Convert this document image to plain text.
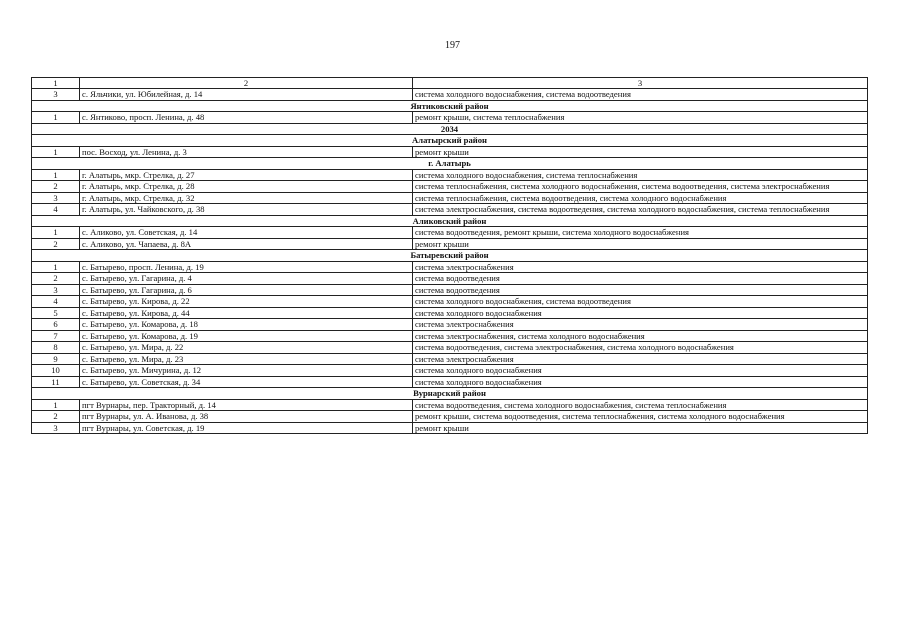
197
1	2	3
3	с. Яльчики, ул. Юбилейная, д. 14	система холодного водоснабжения, система водоотведения
Янтиковский район		
1	с. Янтиково, просп. Ленина, д. 48	ремонт крыши, система теплоснабжения
2034		
Алатырский район		
1	пос. Восход, ул. Ленина, д. 3	ремонт крыши
г. Алатырь		
1	г. Алатырь, мкр. Стрелка, д. 27	система холодного водоснабжения, система теплоснабжения
2	г. Алатырь, мкр. Стрелка, д. 28	система теплоснабжения, система холодного водоснабжения, система водоотведения, система электроснабжения
3	г. Алатырь, мкр. Стрелка, д. 32	система теплоснабжения, система водоотведения, система холодного водоснабжения
4	г. Алатырь, ул. Чайковского, д. 38	система электроснабжения, система водоотведения, система холодного водоснабжения, система теплоснабжения
Аликовский район		
1	с. Аликово, ул. Советская, д. 14	система водоотведения, ремонт крыши, система холодного водоснабжения
2	с. Аликово, ул. Чапаева, д. 8А	ремонт крыши
Батыревский район		
1	с. Батырево, просп. Ленина, д. 19	система электроснабжения
2	с. Батырево, ул. Гагарина, д. 4	система водоотведения
3	с. Батырево, ул. Гагарина, д. 6	система водоотведения
4	с. Батырево, ул. Кирова, д. 22	система холодного водоснабжения, система водоотведения
5	с. Батырево, ул. Кирова, д. 44	система холодного водоснабжения
6	с. Батырево, ул. Комарова, д. 18	система электроснабжения
7	с. Батырево, ул. Комарова, д. 19	система электроснабжения, система холодного водоснабжения
8	с. Батырево, ул. Мира, д. 22	система водоотведения, система электроснабжения, система холодного водоснабжения
9	с. Батырево, ул. Мира, д. 23	система электроснабжения
10	с. Батырево, ул. Мичурина, д. 12	система холодного водоснабжения
11	с. Батырево, ул. Советская, д. 34	система холодного водоснабжения
Вурнарский район		
1	пгт Вурнары, пер. Тракторный, д. 14	система водоотведения, система холодного водоснабжения, система теплоснабжения
2	пгт Вурнары, ул. А. Иванова, д. 38	ремонт крыши, система водоотведения, система теплоснабжения, система холодного водоснабжения
3	пгт Вурнары, ул. Советская, д. 19	ремонт крыши
